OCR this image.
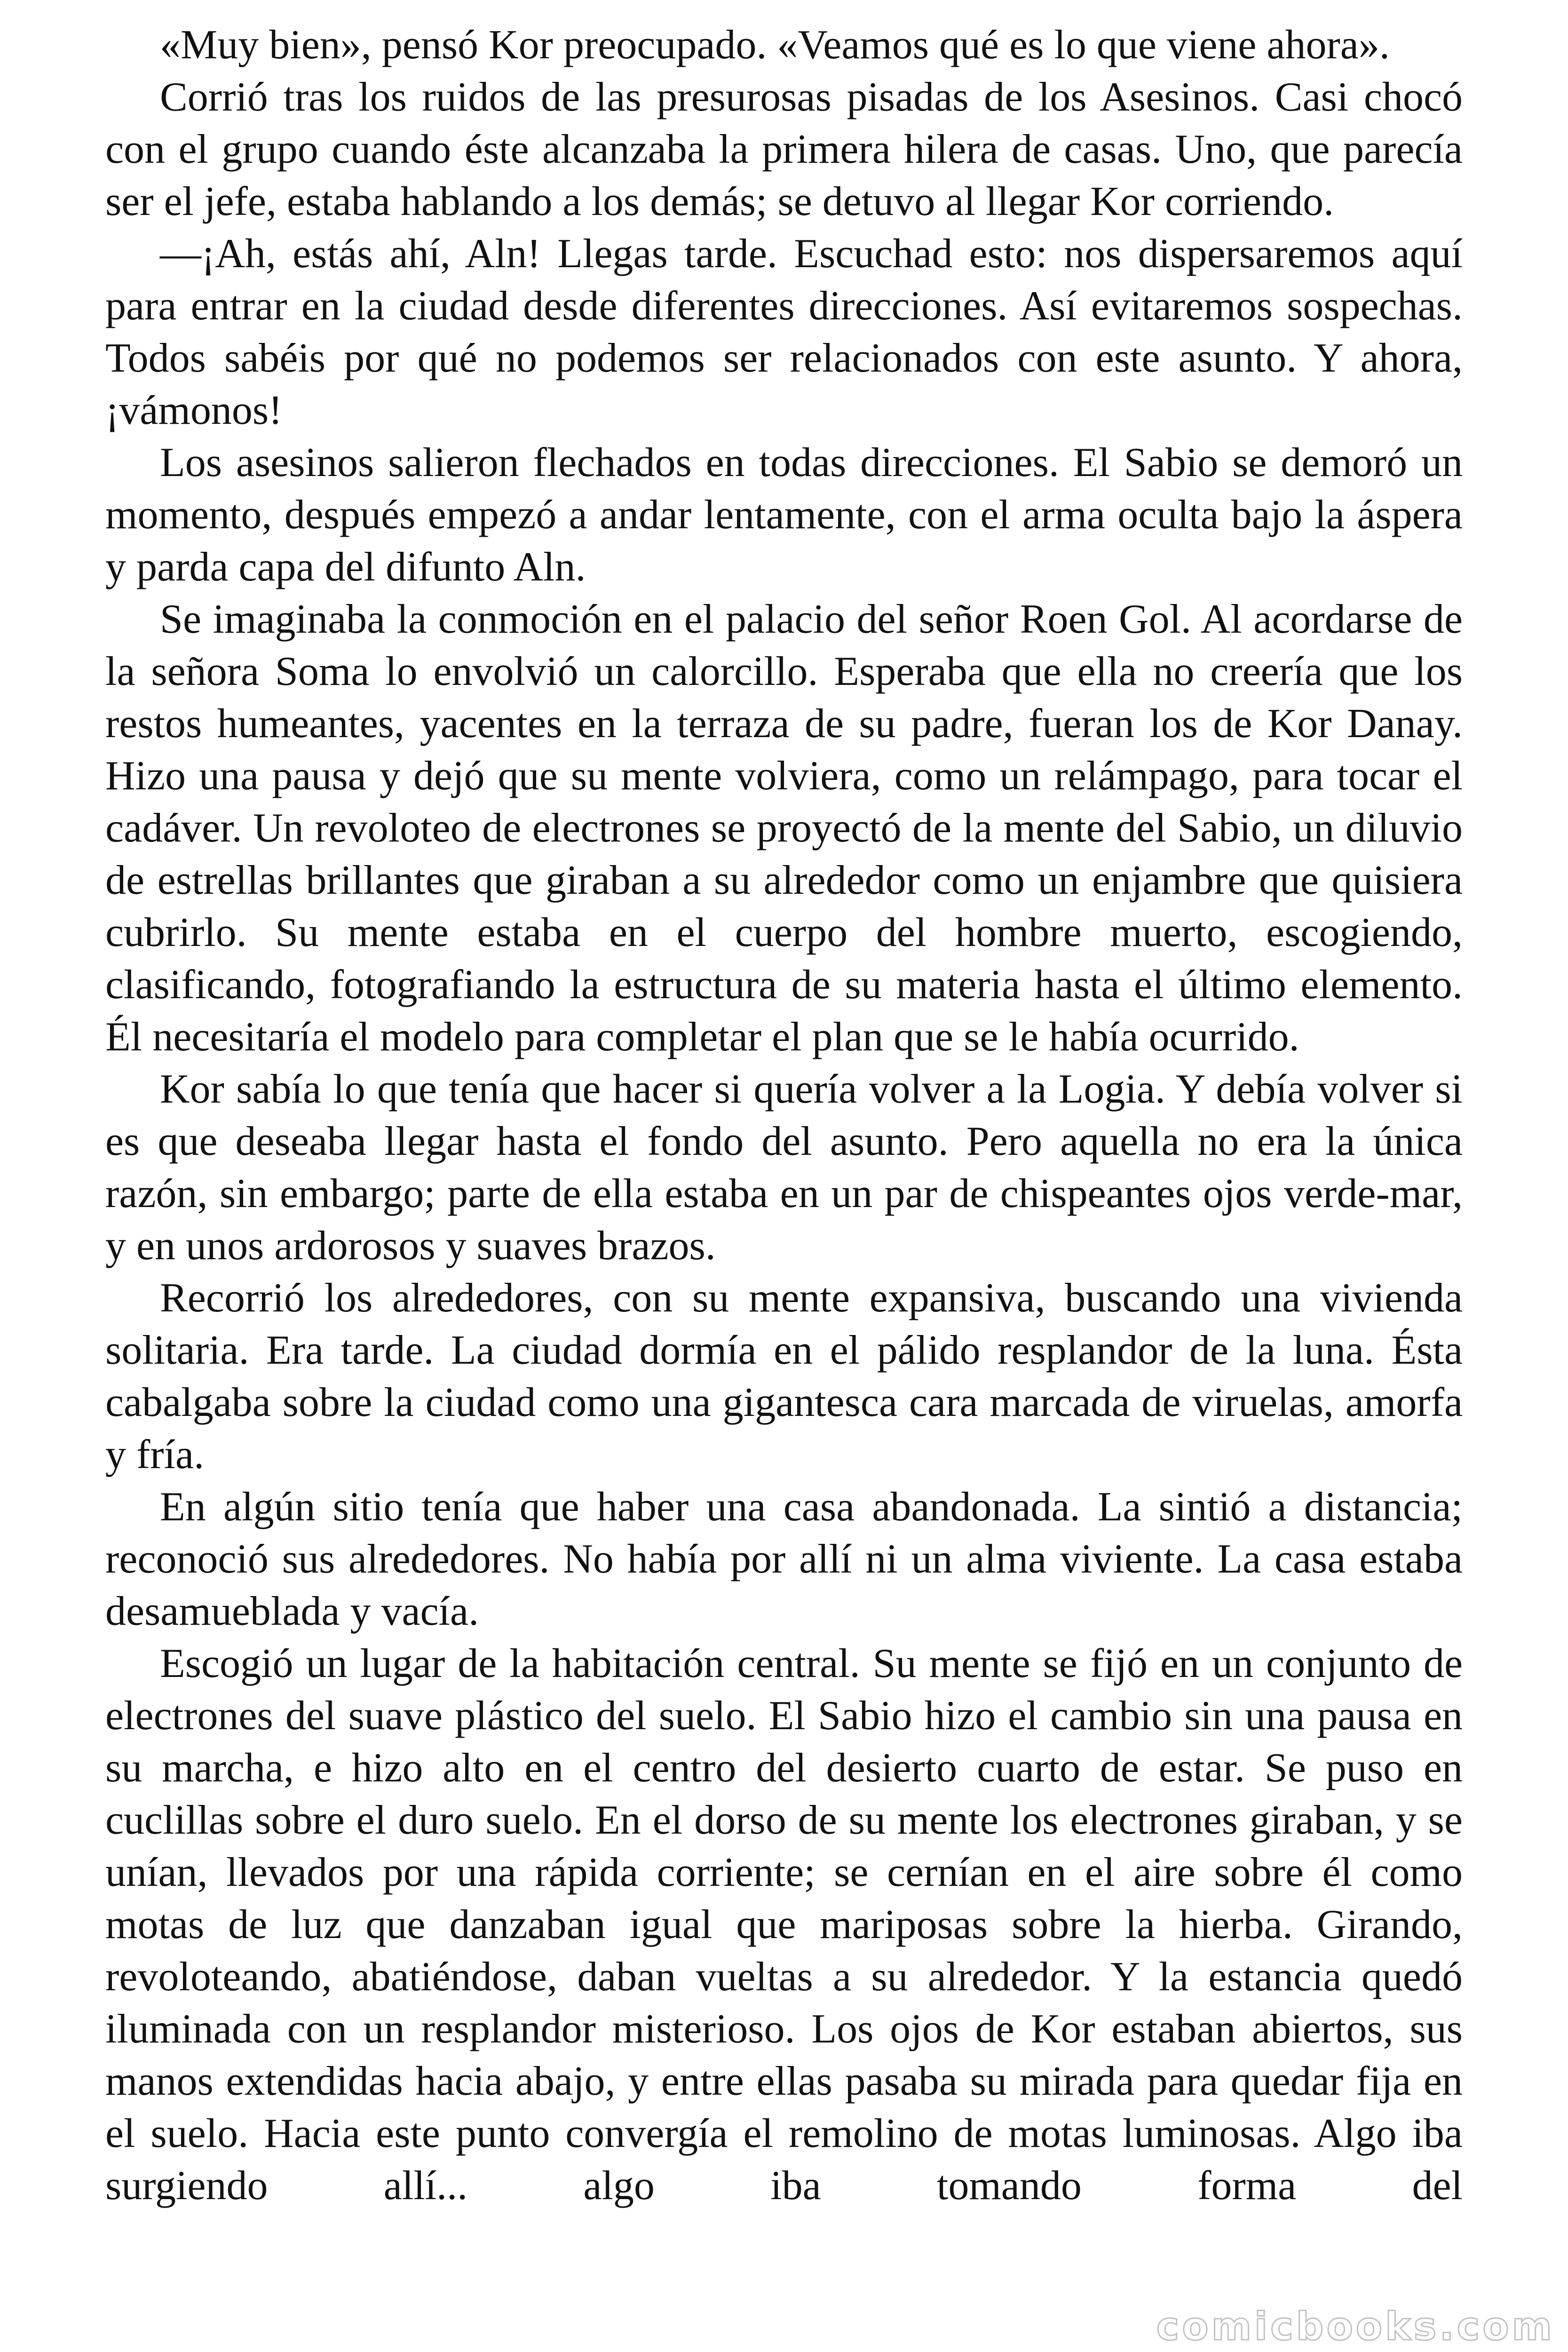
«Muy bien», pensó Kor preocupado. «Veamos qué es lo que viene ahora».

Corrió tras los ruidos de las presurosas pisadas de los Asesinos. Casi chocó con el grupo cuando éste alcanzaba la primera hilera de casas. Uno, que parecía ser el jefe, estaba hablando a los demás; se detuvo al llegar Kor corriendo.

—¡Ah, estás ahí, Aln! Llegas tarde. Escuchad esto: nos dispersaremos aquí para entrar en la ciudad desde diferentes direcciones. Así evitaremos sospechas. Todos sabéis por qué no podemos ser relacionados con este asunto. Y ahora, ¡vámonos!

Los asesinos salieron flechados en todas direcciones. El Sabio se demoró un momento, después empezó a andar lentamente, con el arma oculta bajo la áspera y parda capa del difunto Aln.

Se imaginaba la conmoción en el palacio del señor Roen Gol. Al acordarse de la señora Soma lo envolvió un calorcillo. Esperaba que ella no creería que los restos humeantes, yacentes en la terraza de su padre, fueran los de Kor Danay. Hizo una pausa y dejó que su mente volviera, como un relámpago, para tocar el cadáver. Un revoloteo de electrones se proyectó de la mente del Sabio, un diluvio de estrellas brillantes que giraban a su alrededor como un enjambre que quisiera cubrirlo. Su mente estaba en el cuerpo del hombre muerto, escogiendo, clasificando, fotografiando la estructura de su materia hasta el último elemento. Él necesitaría el modelo para completar el plan que se le había ocurrido.

Kor sabía lo que tenía que hacer si quería volver a la Logia. Y debía volver si es que deseaba llegar hasta el fondo del asunto. Pero aquella no era la única razón, sin embargo; parte de ella estaba en un par de chispeantes ojos verde-mar, y en unos ardorosos y suaves brazos.

Recorrió los alrededores, con su mente expansiva, buscando una vivienda solitaria. Era tarde. La ciudad dormía en el pálido resplandor de la luna. Ésta cabalgaba sobre la ciudad como una gigantesca cara marcada de viruelas, amorfa y fría.

En algún sitio tenía que haber una casa abandonada. La sintió a distancia; reconoció sus alrededores. No había por allí ni un alma viviente. La casa estaba desamueblada y vacía.

Escogió un lugar de la habitación central. Su mente se fijó en un conjunto de electrones del suave plástico del suelo. El Sabio hizo el cambio sin una pausa en su marcha, e hizo alto en el centro del desierto cuarto de estar. Se puso en cuclillas sobre el duro suelo. En el dorso de su mente los electrones giraban, y se unían, llevados por una rápida corriente; se cernían en el aire sobre él como motas de luz que danzaban igual que mariposas sobre la hierba. Girando, revoloteando, abatiéndose, daban vueltas a su alrededor. Y la estancia quedó iluminada con un resplandor misterioso. Los ojos de Kor estaban abiertos, sus manos extendidas hacia abajo, y entre ellas pasaba su mirada para quedar fija en el suelo. Hacia este punto convergía el remolino de motas luminosas. Algo iba surgiendo allí... algo iba tomando forma del

comicbooks.com
